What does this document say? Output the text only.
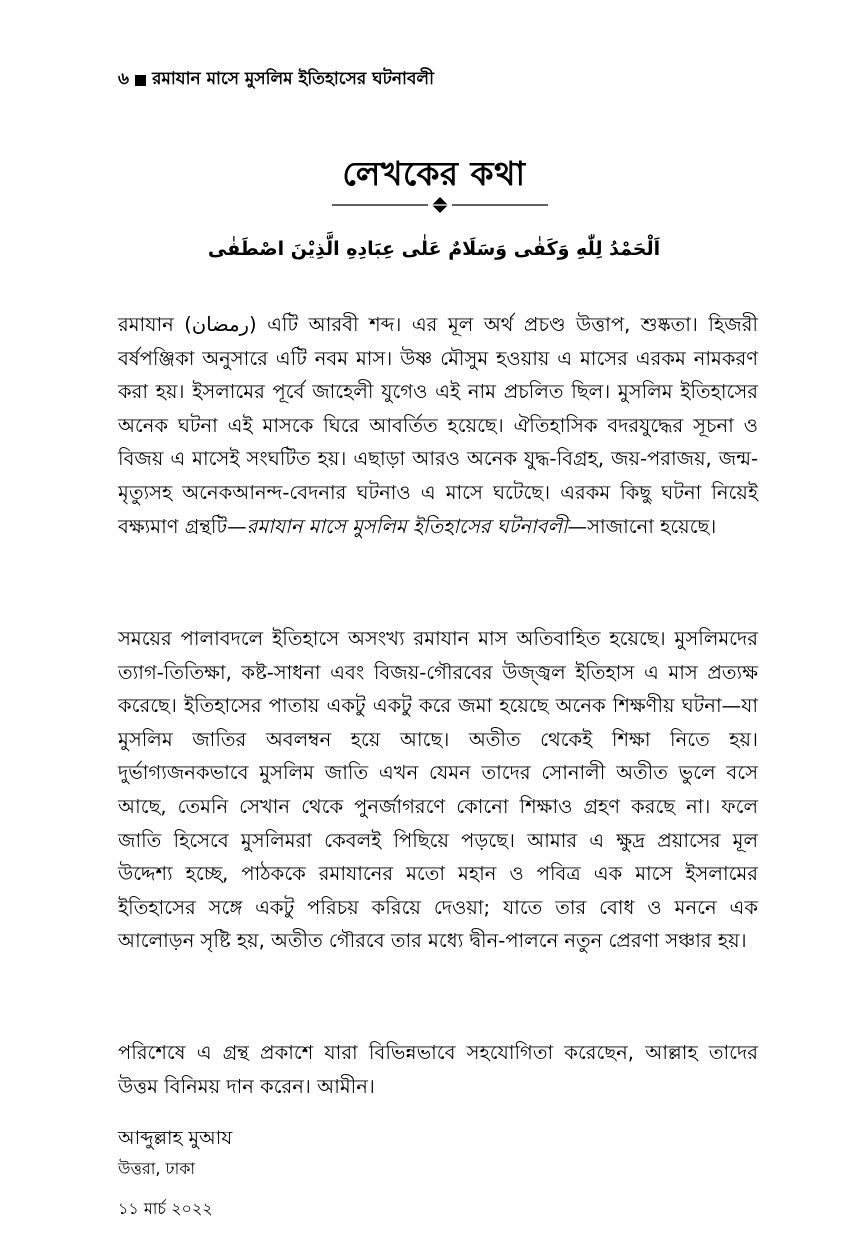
৬ রমাযান মাসে মুসলিম ইতিহাসের ঘটনাবলী
লেখকের কথা
اَلْحَمْدُ لِلّٰهِ وَكَفٰى وَسَلَامٌ عَلٰى عِبَادِهِ الَّذِيْنَ اصْطَفٰى

রমাযান (رمضان) এটি আরবী শব্দ। এর মূল অর্থ প্রচণ্ড উত্তাপ, শুষ্কতা। হিজরী বর্ষপঞ্জিকা অনুসারে এটি নবম মাস। উষ্ণ মৌসুম হওয়ায় এ মাসের এরকম নামকরণ করা হয়। ইসলামের পূর্বে জাহেলী যুগেও এই নাম প্রচলিত ছিল। মুসলিম ইতিহাসের অনেক ঘটনা এই মাসকে ঘিরে আবর্তিত হয়েছে। ঐতিহাসিক বদরযুদ্ধের সূচনা ও বিজয় এ মাসেই সংঘটিত হয়। এছাড়া আরও অনেক যুদ্ধ-বিগ্রহ, জয়-পরাজয়, জন্ম-মৃত্যুসহ অনেকআনন্দ-বেদনার ঘটনাও এ মাসে ঘটেছে। এরকম কিছু ঘটনা নিয়েই বক্ষ্যমাণ গ্রন্থটি—রমাযান মাসে মুসলিম ইতিহাসের ঘটনাবলী—সাজানো হয়েছে।

সময়ের পালাবদলে ইতিহাসে অসংখ্য রমাযান মাস অতিবাহিত হয়েছে। মুসলিমদের ত্যাগ-তিতিক্ষা, কষ্ট-সাধনা এবং বিজয়-গৌরবের উজ্জ্বল ইতিহাস এ মাস প্রত্যক্ষ করেছে। ইতিহাসের পাতায় একটু একটু করে জমা হয়েছে অনেক শিক্ষণীয় ঘটনা—যা মুসলিম জাতির অবলম্বন হয়ে আছে। অতীত থেকেই শিক্ষা নিতে হয়। দুর্ভাগ্যজনকভাবে মুসলিম জাতি এখন যেমন তাদের সোনালী অতীত ভুলে বসে আছে, তেমনি সেখান থেকে পুনর্জাগরণে কোনো শিক্ষাও গ্রহণ করছে না। ফলে জাতি হিসেবে মুসলিমরা কেবলই পিছিয়ে পড়ছে। আমার এ ক্ষুদ্র প্রয়াসের মূল উদ্দেশ্য হচ্ছে, পাঠককে রমাযানের মতো মহান ও পবিত্র এক মাসে ইসলামের ইতিহাসের সঙ্গে একটু পরিচয় করিয়ে দেওয়া; যাতে তার বোধ ও মননে এক আলোড়ন সৃষ্টি হয়, অতীত গৌরবে তার মধ্যে দ্বীন-পালনে নতুন প্রেরণা সঞ্চার হয়।

পরিশেষে এ গ্রন্থ প্রকাশে যারা বিভিন্নভাবে সহযোগিতা করেছেন, আল্লাহ তাদের উত্তম বিনিময় দান করেন। আমীন।

আব্দুল্লাহ মুআয
উত্তরা, ঢাকা
১১ মার্চ ২০২২
